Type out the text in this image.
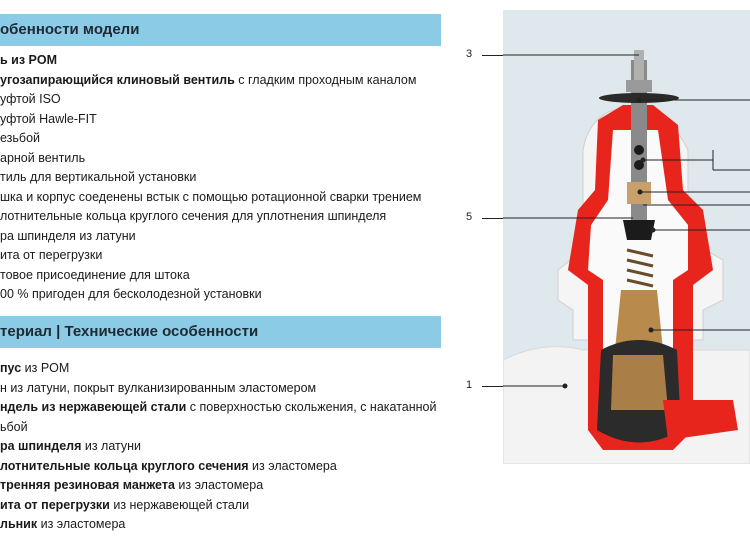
обенности модели
ь из POM
угозапирающийся клиновый вентиль с гладким проходным каналом
уфтой ISO
уфтой Hawle-FIT
езьбой
арной вентиль
тиль для вертикальной установки
шка и корпус соеденены встык с помощью ротационной сварки трением
лотнительные кольца круглого сечения для уплотнения шпинделя
ра шпинделя из латуни
ита от перегрузки
товое присоединение для штока
00 % пригоден для бесколодезной установки
териал | Технические особенности
пус из POM
н из латуни, покрыт вулканизированным эластомером
ндель из нержавеющей стали с поверхностью скольжения, с накатанной
ьбой
ра шпинделя из латуни
лотнительные кольца круглого сечения из эластомера
тренняя резиновая манжета из эластомера
ита от перегрузки из нержавеющей стали
льник из эластомера
3
5
1
